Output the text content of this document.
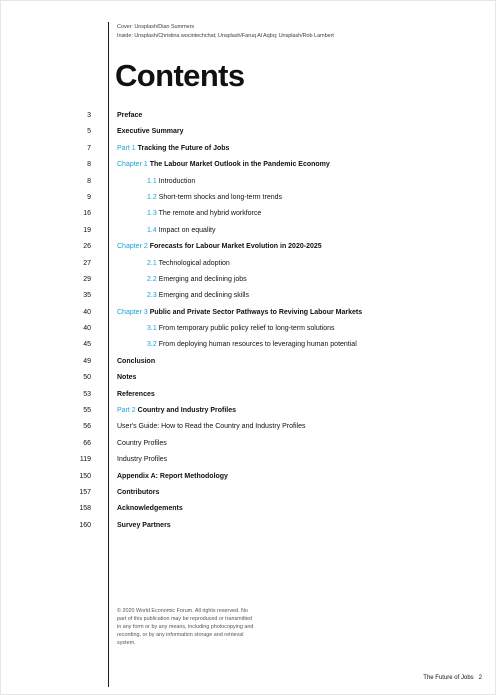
Cover: Unsplash/Dian Summers
Inside: Unsplash/Christina wocintechchat; Unsplash/Faruq Al Aqbq; Unsplash/Rob Lambert
Contents
3	Preface
5	Executive Summary
7	Part 1 Tracking the Future of Jobs
8	Chapter 1 The Labour Market Outlook in the Pandemic Economy
8	1.1 Introduction
9	1.2 Short-term shocks and long-term trends
16	1.3 The remote and hybrid workforce
19	1.4 Impact on equality
26	Chapter 2 Forecasts for Labour Market Evolution in 2020-2025
27	2.1 Technological adoption
29	2.2 Emerging and declining jobs
35	2.3 Emerging and declining skills
40	Chapter 3 Public and Private Sector Pathways to Reviving Labour Markets
40	3.1 From temporary public policy relief to long-term solutions
45	3.2 From deploying human resources to leveraging human potential
49	Conclusion
50	Notes
53	References
55	Part 2 Country and Industry Profiles
56	User's Guide: How to Read the Country and Industry Profiles
66	Country Profiles
119	Industry Profiles
150	Appendix A: Report Methodology
157	Contributors
158	Acknowledgements
160	Survey Partners
© 2020 World Economic Forum. All rights reserved. No part of this publication may be reproduced or transmitted in any form or by any means, including photocopying and recording, or by any information storage and retrieval system.
The Future of Jobs 2
